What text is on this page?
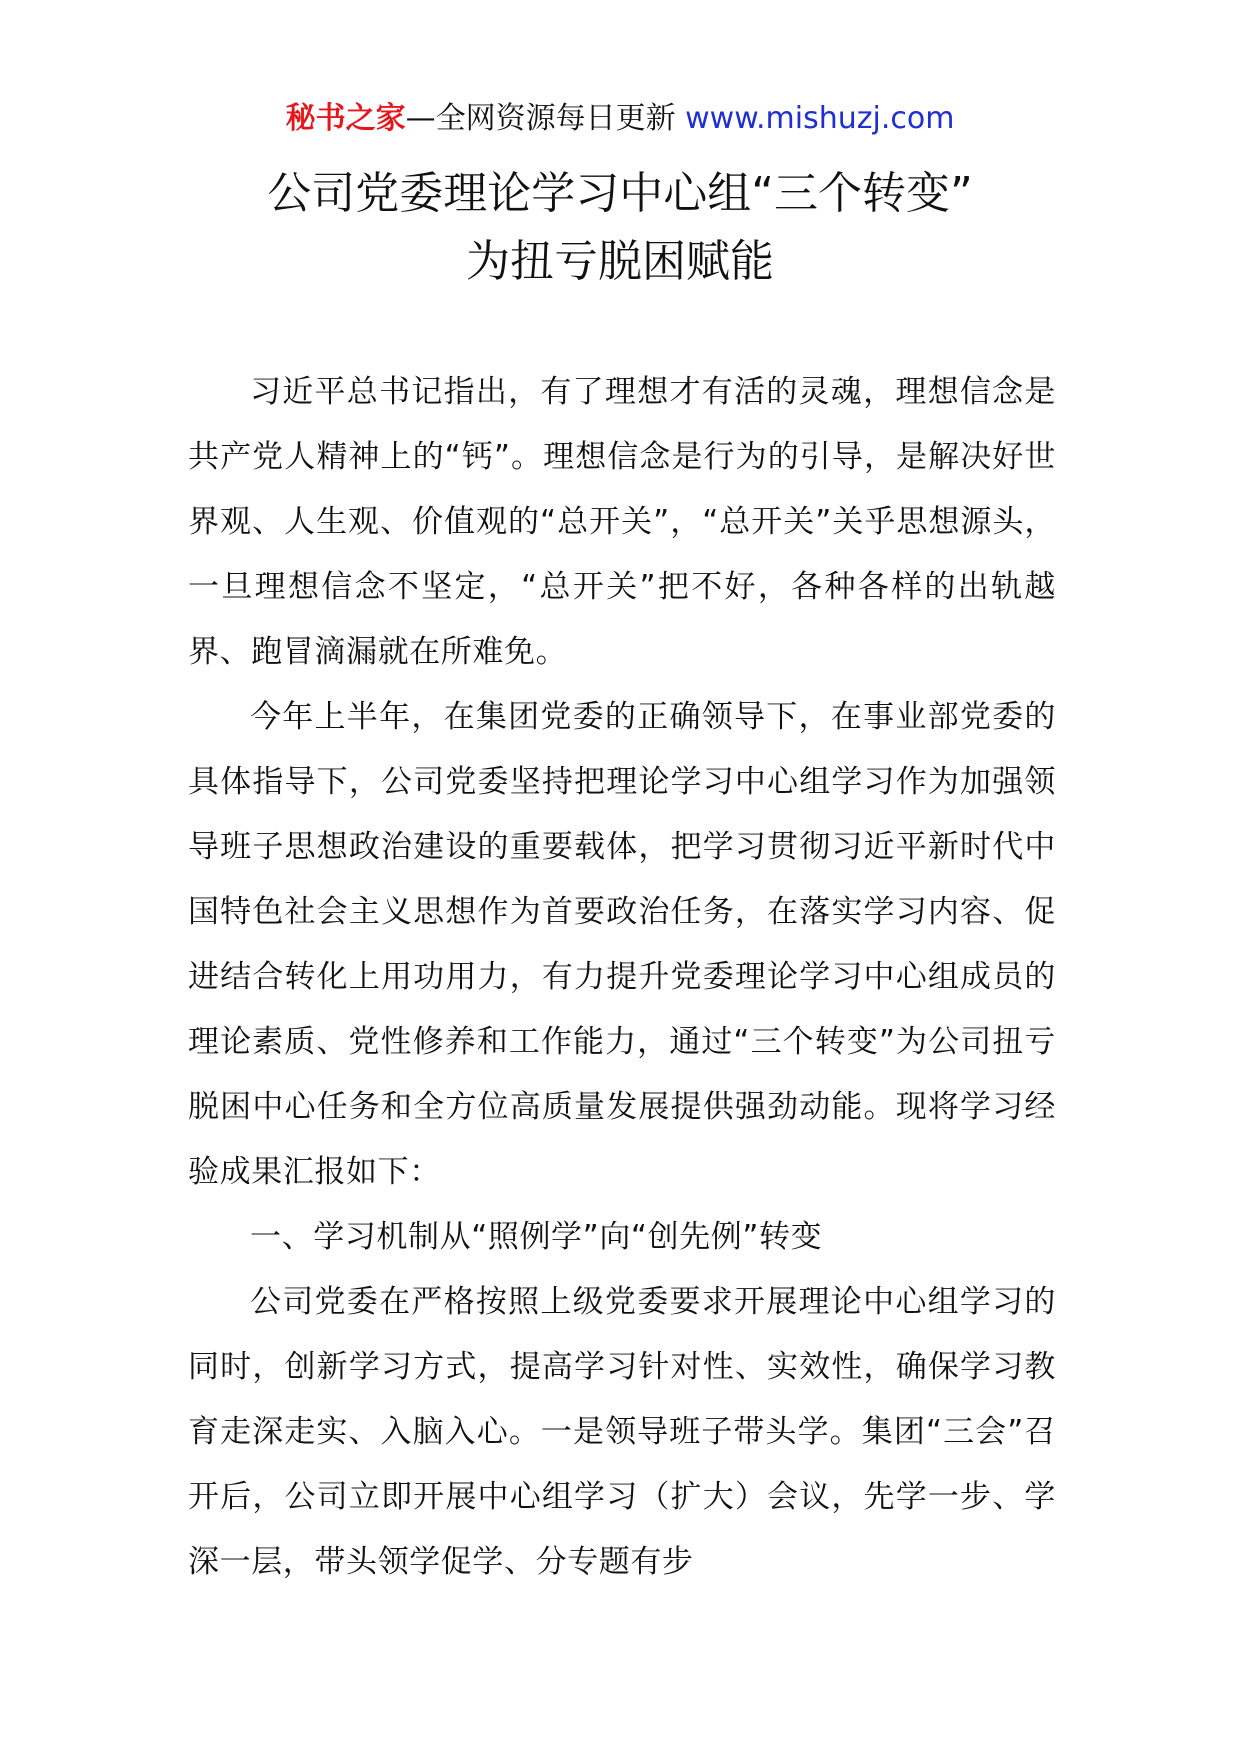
秘书之家—全网资源每日更新 www.mishuzj.com
公司党委理论学习中心组“三个转变”
为扭亏脱困赋能

习近平总书记指出，有了理想才有活的灵魂，理想信念是共产党人精神上的“钙”。理想信念是行为的引导，是解决好世界观、人生观、价值观的“总开关”，“总开关”关乎思想源头，一旦理想信念不坚定，“总开关”把不好，各种各样的出轨越界、跑冒滴漏就在所难免。

今年上半年，在集团党委的正确领导下，在事业部党委的具体指导下，公司党委坚持把理论学习中心组学习作为加强领导班子思想政治建设的重要载体，把学习贯彻习近平新时代中国特色社会主义思想作为首要政治任务，在落实学习内容、促进结合转化上用功用力，有力提升党委理论学习中心组成员的理论素质、党性修养和工作能力，通过“三个转变”为公司扭亏脱困中心任务和全方位高质量发展提供强劲动能。现将学习经验成果汇报如下：

一、学习机制从“照例学”向“创先例”转变

公司党委在严格按照上级党委要求开展理论中心组学习的同时，创新学习方式，提高学习针对性、实效性，确保学习教育走深走实、入脑入心。一是领导班子带头学。集团“三会”召开后，公司立即开展中心组学习（扩大）会议，先学一步、学深一层，带头领学促学、分专题有步
